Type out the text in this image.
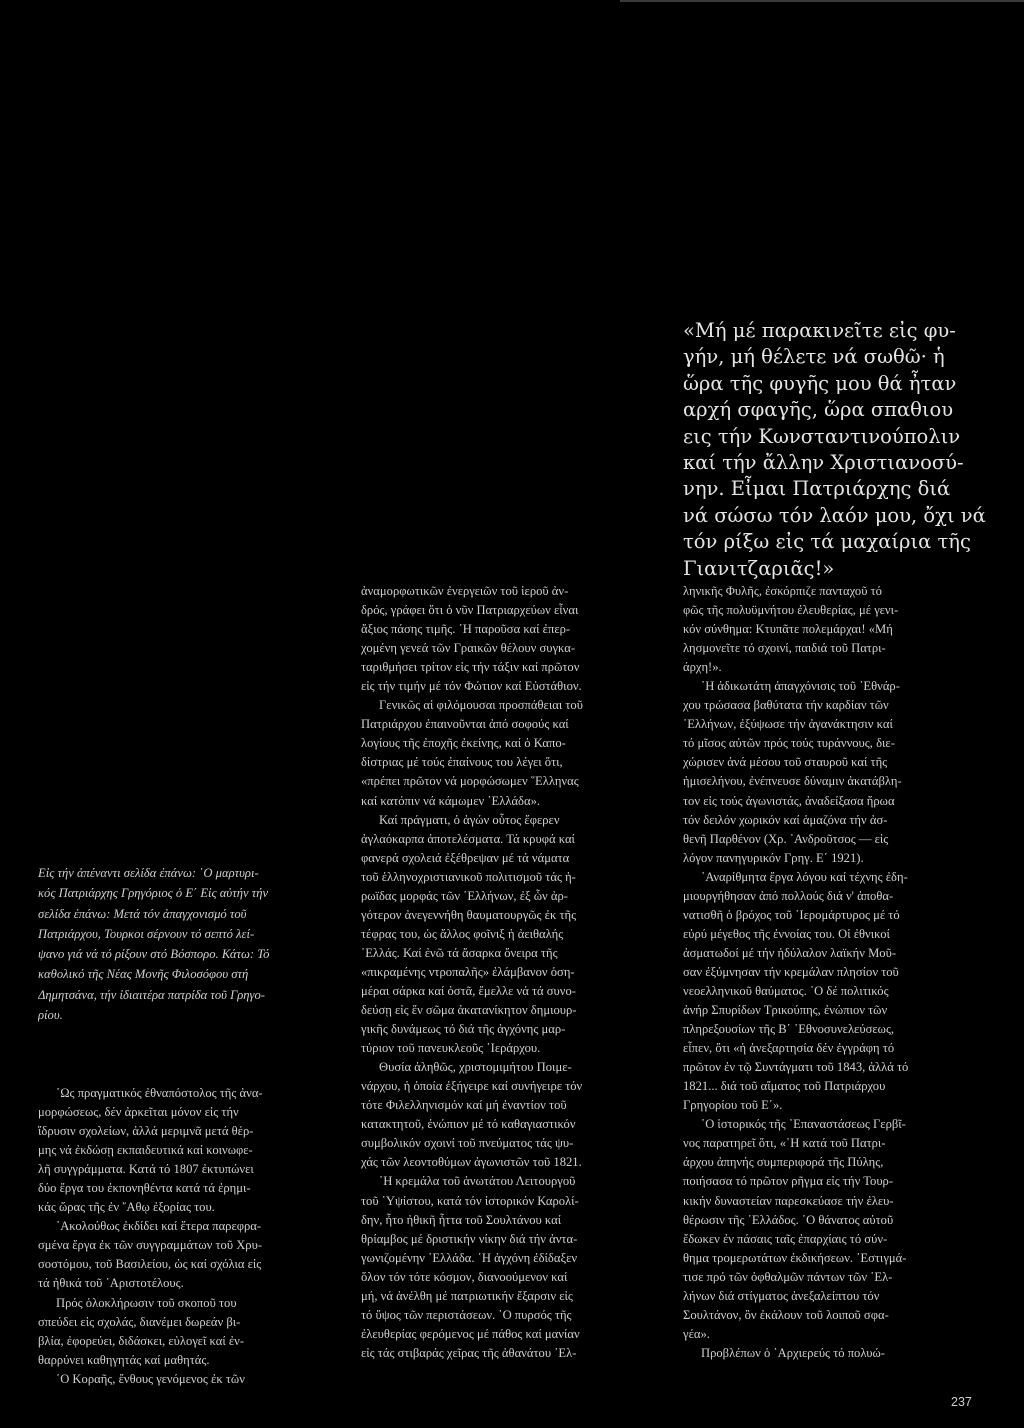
«Μή μέ παρακινεῖτε εἰς φυ-
γήν, μή θέλετε νά σωθῶ· ἡ
ὥρα τῆς φυγῆς μου θά ἦταν
αρχή σφαγῆς, ὥρα σπαθιου
εις τήν Κωνσταντινούπολιν
καί τήν ἄλλην Χριστιανοσύ-
νην. Εἶμαι Πατριάρχης διά
νά σώσω τόν λαόν μου, ὄχι νά
τόν ρίξω εἰς τά μαχαίρια τῆς
Γιανιτζαριᾶς!»
Εἰς τήν ἀπέναντι σελίδα ἐπάνω: ῾Ο μαρτυρι-
κός Πατριάρχης Γρηγόριος ὁ Ε΄ Εἰς αὐτήν τήν
σελίδα ἐπάνω: Μετά τόν ἀπαγχονισμό τοῦ
Πατριάρχου, Τουρκοι σέρνουν τό σεπτό λεί-
ψανο γιά νά τό ρίξουν στό Βόσπορο. Κάτω: Τό
καθολικό τῆς Νέας Μονῆς Φιλοσόφου στή
Δημητσάνα, τήν ἰδιαιτέρα πατρίδα τοῦ Γρηγο-
ρίου.
῾Ως πραγματικός ἐθναπόστολος τῆς ἀνα-
μορφώσεως, δέν ἀρκεῖται μόνον εἰς τήν
ἵδρυσιν σχολείων, ἀλλά μεριμνᾶ μετά θέρ-
μης νά ἐκδώσῃ εκπαιδευτικά καί κοινωφε-
λῆ συγγράμματα. Κατά τό 1807 ἐκτυπώνει
δύο ἔργα του ἐκπονηθέντα κατά τά ἐρημι-
κάς ὥρας τῆς ἐν ῎Αθῳ ἐξορίας του.
᾿Ακολούθως ἐκδίδει καί ἕτερα παρεφρα-
σμένα ἔργα ἐκ τῶν συγγραμμάτων τοῦ Χρυ-
σοστόμου, τοῦ Βασιλείου, ὡς καί σχόλια εἰς
τά ἠθικά τοῦ ᾿Αριστοτέλους.
Πρός ὁλοκλήρωσιν τοῦ σκοποῦ του
σπεύδει εἰς σχολάς, διανέμει δωρεάν βι-
βλία, ἐφορεύει, διδάσκει, εὐλογεῖ καί ἐν-
θαρρύνει καθηγητάς καί μαθητάς.
῾Ο Κοραῆς, ἔνθους γενόμενος ἐκ τῶν
ἀναμορφωτικῶν ἐνεργειῶν τοῦ ἱεροῦ ἀν-
δρός, γράφει ὅτι ὁ νῦν Πατριαρχεύων εἶναι
ἄξιος πάσης τιμῆς. ῾Η παροῦσα καί ἐπερ-
χομένη γενεά τῶν Γραικῶν θέλουν συγκα-
ταριθμήσει τρίτον εἰς τήν τάξιν καί πρῶτον
εἰς τήν τιμήν μέ τόν Φώτιον καί Εὐστάθιον.
Γενικῶς αἱ φιλόμουσαι προσπάθειαι τοῦ
Πατριάρχου ἐπαινοῦνται ἀπό σοφούς καί
λογίους τῆς ἐποχῆς ἐκείνης, καί ὁ Καπο-
δίστριας μέ τούς ἐπαίνους του λέγει ὅτι,
«πρέπει πρῶτον νά μορφώσωμεν ῞Ελληνας
καί κατόπιν νά κάμωμεν ῾Ελλάδα».
Καί πράγματι, ὁ ἀγών οὗτος ἔφερεν
ἀγλαόκαρπα ἀποτελέσματα. Τά κρυφά καί
φανερά σχολειά ἐξέθρεψαν μέ τά νάματα
τοῦ ἑλληνοχριστιανικοῦ πολιτισμοῦ τάς ἡ-
ρωϊδας μορφάς τῶν ῾Ελλήνων, ἐξ ὧν ἀρ-
γότερον ἀνεγεννήθη θαυματουργῶς ἐκ τῆς
τέφρας του, ὡς ἄλλος φοῖνιξ ἡ ἀειθαλής
῾Ελλάς. Καί ἐνῶ τά ἄσαρκα ὄνειρα τῆς
«πικραμένης ντροπαλῆς» ἐλάμβανον ὁση-
μέραι σάρκα καί ὀστᾶ, ἔμελλε νά τά συνο-
δεύσῃ εἰς ἕν σῶμα ἀκατανίκητον δημιουρ-
γικῆς δυνάμεως τό διά τῆς ἀγχόνης μαρ-
τύριον τοῦ πανευκλεοῦς ῾Ιεράρχου.
Θυσία ἀληθῶς, χριστομιμήτου Ποιμε-
νάρχου, ἡ ὁποία ἐξήγειρε καί συνήγειρε τόν
τότε Φιλελληνισμόν καί μή ἐναντίον τοῦ
κατακτητοῦ, ἐνώπιον μέ τό καθαγιαστικόν
συμβολικόν σχοινί τοῦ πνεύματος τάς ψυ-
χάς τῶν λεοντοθύμων ἀγωνιστῶν τοῦ 1821.
῾Η κρεμάλα τοῦ ἀνωτάτου Λειτουργοῦ
τοῦ ῾Υψίστου, κατά τόν ἱστορικόν Καρολί-
δην, ἦτο ἠθικῆ ἧττα τοῦ Σουλτάνου καί
θρίαμβος μέ δριστικήν νίκην διά τήν ἀντα-
γωνιζομένην ῾Ελλάδα. ῾Η ἀγχόνη ἐδίδαξεν
ὅλον τόν τότε κόσμον, διανοούμενον καί
μή, νά ἀνέλθη μέ πατριωτικήν ἔξαρσιν εἰς
τό ὕψος τῶν περιστάσεων. ῾Ο πυρσός τῆς
ἐλευθερίας φερόμενος μέ πάθος καί μανίαν
εἰς τάς στιβαράς χεῖρας τῆς ἀθανάτου ῾Ελ-
ληνικῆς Φυλῆς, ἐσκόρπιζε πανταχοῦ τό
φῶς τῆς πολυϋμνήτου ἐλευθερίας, μέ γενι-
κόν σύνθημα: Κτυπᾶτε πολεμάρχαι! «Μή
λησμονεῖτε τό σχοινί, παιδιά τοῦ Πατρι-
άρχη!».
῾Η ἀδικωτάτη ἀπαγχόνισις τοῦ ᾿Εθνάρ-
χου τρώσασα βαθύτατα τήν καρδίαν τῶν
῾Ελλήνων, ἐξύψωσε τήν ἀγανάκτησιν καί
τό μῖσος αὐτῶν πρός τούς τυράννους, διε-
χώρισεν ἀνά μέσου τοῦ σταυροῦ καί τῆς
ἡμισελήνου, ἐνέπνευσε δύναμιν ἀκατάβλη-
τον εἰς τούς ἀγωνιστάς, ἀναδείξασα ἥρωα
τόν δειλόν χωρικόν καί ἁμαζόνα τήν ἀσ-
θενῆ Παρθένον (Χρ. ᾿Ανδροῦτσος — εἰς
λόγον πανηγυρικόν Γρηγ. Ε΄ 1921).
᾿Αναρίθμητα ἔργα λόγου καί τέχνης ἐδη-
μιουργήθησαν ἀπό πολλούς διά ν' ἀποθα-
νατισθῆ ὁ βρόχος τοῦ ῾Ιερομάρτυρος μέ τό
εὐρύ μέγεθος τῆς ἐννοίας του. Οἱ ἐθνικοί
ἀσματωδοί μέ τήν ἡδύλαλον λαϊκήν Μοῦ-
σαν ἐξύμνησαν τήν κρεμάλαν πλησίον τοῦ
νεοελληνικοῦ θαύματος. ῾Ο δέ πολιτικός
ἀνήρ Σπυρίδων Τρικούπης, ἐνώπιον τῶν
πληρεξουσίων τῆς Β΄ ᾿Εθνοσυνελεύσεως,
εἶπεν, ὅτι «ἡ ἀνεξαρτησία δέν ἐγγράφη τό
πρῶτον ἐν τῷ Συντάγματι τοῦ 1843, ἀλλά τό
1821... διά τοῦ αἵματος τοῦ Πατριάρχου
Γρηγορίου τοῦ Ε΄».
῾Ο ἱστορικός τῆς ᾿Επαναστάσεως Γερβῖ-
νος παρατηρεῖ ὅτι, «῾Η κατά τοῦ Πατρι-
άρχου ἀπηνής συμπεριφορά τῆς Πύλης,
ποιήσασα τό πρῶτον ρῆγμα εἰς τήν Τουρ-
κικήν δυναστείαν παρεσκεύασε τήν ἐλευ-
θέρωσιν τῆς ῾Ελλάδος. ῾Ο θάνατος αὐτοῦ
ἔδωκεν ἐν πάσαις ταῖς ἐπαρχίαις τό σύν-
θημα τρομερωτάτων ἐκδικήσεων. ᾿Εστιγμά-
τισε πρό τῶν ὀφθαλμῶν πάντων τῶν ῾Ελ-
λήνων διά στίγματος ἀνεξαλείπτου τόν
Σουλτάνον, ὃν ἐκάλουν τοῦ λοιποῦ σφα-
γέα».
Προβλέπων ὁ ᾿Αρχιερεύς τό πολυώ-
237
